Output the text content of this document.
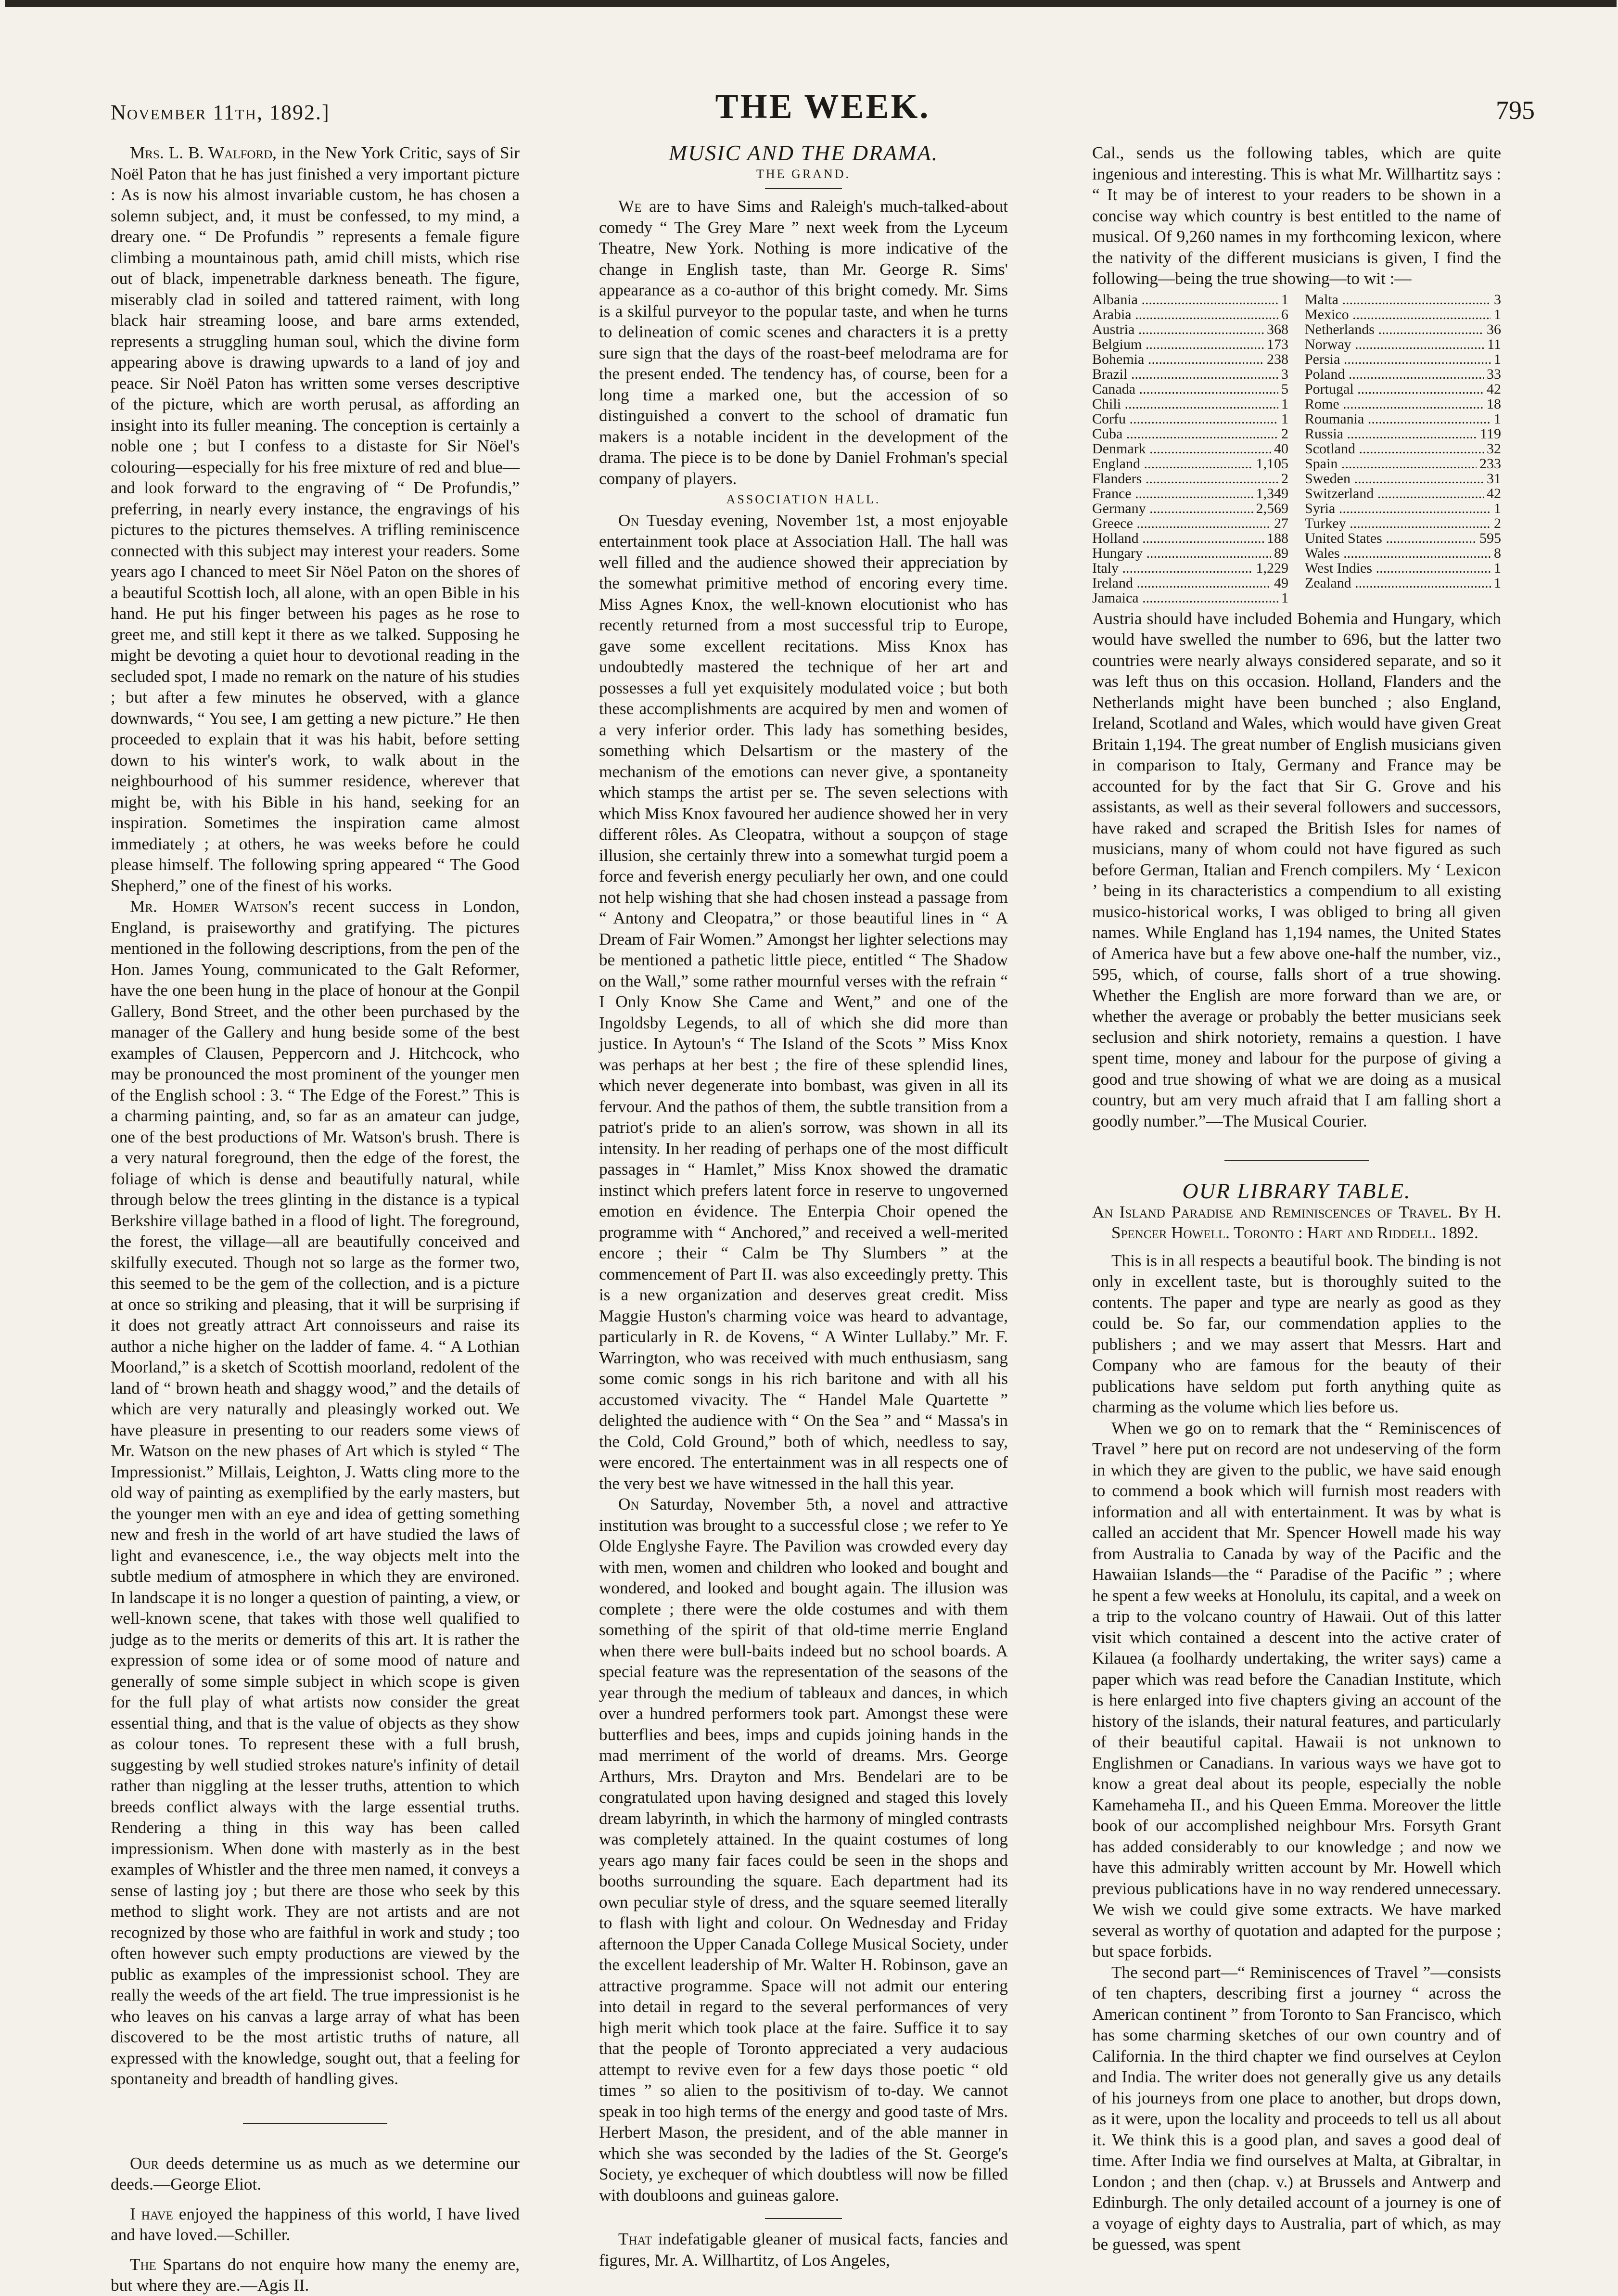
November 11th, 1892.]	THE WEEK.	795

Mrs. L. B. Walford, in the New York Critic, says of Sir Noël Paton that he has just finished a very important picture : As is now his almost invariable custom, he has chosen a solemn subject, and, it must be confessed, to my mind, a dreary one. “ De Profundis ” represents a female figure climbing a mountainous path, amid chill mists, which rise out of black, impenetrable darkness beneath. The figure, miserably clad in soiled and tattered raiment, with long black hair streaming loose, and bare arms extended, represents a struggling human soul, which the divine form appearing above is drawing upwards to a land of joy and peace. Sir Noël Paton has written some verses descriptive of the picture, which are worth perusal, as affording an insight into its fuller meaning. The conception is certainly a noble one ; but I confess to a distaste for Sir Nöel's colouring—especially for his free mixture of red and blue—and look forward to the engraving of “ De Profundis,” preferring, in nearly every instance, the engravings of his pictures to the pictures themselves. A trifling reminiscence connected with this subject may interest your readers. Some years ago I chanced to meet Sir Nöel Paton on the shores of a beautiful Scottish loch, all alone, with an open Bible in his hand. He put his finger between his pages as he rose to greet me, and still kept it there as we talked. Supposing he might be devoting a quiet hour to devotional reading in the secluded spot, I made no remark on the nature of his studies ; but after a few minutes he observed, with a glance downwards, “ You see, I am getting a new picture.” He then proceeded to explain that it was his habit, before setting down to his winter's work, to walk about in the neighbourhood of his summer residence, wherever that might be, with his Bible in his hand, seeking for an inspiration. Sometimes the inspiration came almost immediately ; at others, he was weeks before he could please himself. The following spring appeared “ The Good Shepherd,” one of the finest of his works.

Mr. Homer Watson's recent success in London, England, is praiseworthy and gratifying. The pictures mentioned in the following descriptions, from the pen of the Hon. James Young, communicated to the Galt Reformer, have the one been hung in the place of honour at the Gonpil Gallery, Bond Street, and the other been purchased by the manager of the Gallery and hung beside some of the best examples of Clausen, Peppercorn and J. Hitchcock, who may be pronounced the most prominent of the younger men of the English school : 3. “ The Edge of the Forest.” This is a charming painting, and, so far as an amateur can judge, one of the best productions of Mr. Watson's brush. There is a very natural foreground, then the edge of the forest, the foliage of which is dense and beautifully natural, while through below the trees glinting in the distance is a typical Berkshire village bathed in a flood of light. The foreground, the forest, the village—all are beautifully conceived and skilfully executed. Though not so large as the former two, this seemed to be the gem of the collection, and is a picture at once so striking and pleasing, that it will be surprising if it does not greatly attract Art connoisseurs and raise its author a niche higher on the ladder of fame. 4. “ A Lothian Moorland,” is a sketch of Scottish moorland, redolent of the land of “ brown heath and shaggy wood,” and the details of which are very naturally and pleasingly worked out. We have pleasure in presenting to our readers some views of Mr. Watson on the new phases of Art which is styled “ The Impressionist.” Millais, Leighton, J. Watts cling more to the old way of painting as exemplified by the early masters, but the younger men with an eye and idea of getting something new and fresh in the world of art have studied the laws of light and evanescence, i.e., the way objects melt into the subtle medium of atmosphere in which they are environed. In landscape it is no longer a question of painting, a view, or well-known scene, that takes with those well qualified to judge as to the merits or demerits of this art. It is rather the expression of some idea or of some mood of nature and generally of some simple subject in which scope is given for the full play of what artists now consider the great essential thing, and that is the value of objects as they show as colour tones. To represent these with a full brush, suggesting by well studied strokes nature's infinity of detail rather than niggling at the lesser truths, attention to which breeds conflict always with the large essential truths. Rendering a thing in this way has been called impressionism. When done with masterly as in the best examples of Whistler and the three men named, it conveys a sense of lasting joy ; but there are those who seek by this method to slight work. They are not artists and are not recognized by those who are faithful in work and study ; too often however such empty productions are viewed by the public as examples of the impressionist school. They are really the weeds of the art field. The true impressionist is he who leaves on his canvas a large array of what has been discovered to be the most artistic truths of nature, all expressed with the knowledge, sought out, that a feeling for spontaneity and breadth of handling gives.

Our deeds determine us as much as we determine our deeds.—George Eliot.

I have enjoyed the happiness of this world, I have lived and have loved.—Schiller.

The Spartans do not enquire how many the enemy are, but where they are.—Agis II.

MUSIC AND THE DRAMA.

THE GRAND.

We are to have Sims and Raleigh's much-talked-about comedy “ The Grey Mare ” next week from the Lyceum Theatre, New York. Nothing is more indicative of the change in English taste, than Mr. George R. Sims' appearance as a co-author of this bright comedy. Mr. Sims is a skilful purveyor to the popular taste, and when he turns to delineation of comic scenes and characters it is a pretty sure sign that the days of the roast-beef melodrama are for the present ended. The tendency has, of course, been for a long time a marked one, but the accession of so distinguished a convert to the school of dramatic fun makers is a notable incident in the development of the drama. The piece is to be done by Daniel Frohman's special company of players.

ASSOCIATION HALL.

On Tuesday evening, November 1st, a most enjoyable entertainment took place at Association Hall. The hall was well filled and the audience showed their appreciation by the somewhat primitive method of encoring every time. Miss Agnes Knox, the well-known elocutionist who has recently returned from a most successful trip to Europe, gave some excellent recitations. Miss Knox has undoubtedly mastered the technique of her art and possesses a full yet exquisitely modulated voice ; but both these accomplishments are acquired by men and women of a very inferior order. This lady has something besides, something which Delsartism or the mastery of the mechanism of the emotions can never give, a spontaneity which stamps the artist per se. The seven selections with which Miss Knox favoured her audience showed her in very different rôles. As Cleopatra, without a soupçon of stage illusion, she certainly threw into a somewhat turgid poem a force and feverish energy peculiarly her own, and one could not help wishing that she had chosen instead a passage from “ Antony and Cleopatra,” or those beautiful lines in “ A Dream of Fair Women.” Amongst her lighter selections may be mentioned a pathetic little piece, entitled “ The Shadow on the Wall,” some rather mournful verses with the refrain “ I Only Know She Came and Went,” and one of the Ingoldsby Legends, to all of which she did more than justice. In Aytoun's “ The Island of the Scots ” Miss Knox was perhaps at her best ; the fire of these splendid lines, which never degenerate into bombast, was given in all its fervour. And the pathos of them, the subtle transition from a patriot's pride to an alien's sorrow, was shown in all its intensity. In her reading of perhaps one of the most difficult passages in “ Hamlet,” Miss Knox showed the dramatic instinct which prefers latent force in reserve to ungoverned emotion en évidence. The Enterpia Choir opened the programme with “ Anchored,” and received a well-merited encore ; their “ Calm be Thy Slumbers ” at the commencement of Part II. was also exceedingly pretty. This is a new organization and deserves great credit. Miss Maggie Huston's charming voice was heard to advantage, particularly in R. de Kovens, “ A Winter Lullaby.” Mr. F. Warrington, who was received with much enthusiasm, sang some comic songs in his rich baritone and with all his accustomed vivacity. The “ Handel Male Quartette ” delighted the audience with “ On the Sea ” and “ Massa's in the Cold, Cold Ground,” both of which, needless to say, were encored. The entertainment was in all respects one of the very best we have witnessed in the hall this year.

On Saturday, November 5th, a novel and attractive institution was brought to a successful close ; we refer to Ye Olde Englyshe Fayre. The Pavilion was crowded every day with men, women and children who looked and bought and wondered, and looked and bought again. The illusion was complete ; there were the olde costumes and with them something of the spirit of that old-time merrie England when there were bull-baits indeed but no school boards. A special feature was the representation of the seasons of the year through the medium of tableaux and dances, in which over a hundred performers took part. Amongst these were butterflies and bees, imps and cupids joining hands in the mad merriment of the world of dreams. Mrs. George Arthurs, Mrs. Drayton and Mrs. Bendelari are to be congratulated upon having designed and staged this lovely dream labyrinth, in which the harmony of mingled contrasts was completely attained. In the quaint costumes of long years ago many fair faces could be seen in the shops and booths surrounding the square. Each department had its own peculiar style of dress, and the square seemed literally to flash with light and colour. On Wednesday and Friday afternoon the Upper Canada College Musical Society, under the excellent leadership of Mr. Walter H. Robinson, gave an attractive programme. Space will not admit our entering into detail in regard to the several performances of very high merit which took place at the faire. Suffice it to say that the people of Toronto appreciated a very audacious attempt to revive even for a few days those poetic “ old times ” so alien to the positivism of to-day. We cannot speak in too high terms of the energy and good taste of Mrs. Herbert Mason, the president, and of the able manner in which she was seconded by the ladies of the St. George's Society, ye exchequer of which doubtless will now be filled with doubloons and guineas galore.

That indefatigable gleaner of musical facts, fancies and figures, Mr. A. Willhartitz, of Los Angeles,

Cal., sends us the following tables, which are quite ingenious and interesting. This is what Mr. Willhartitz says : “ It may be of interest to your readers to be shown in a concise way which country is best entitled to the name of musical. Of 9,260 names in my forthcoming lexicon, where the nativity of the different musicians is given, I find the following—being the true showing—to wit :—

Albania .....	1
Arabia .....	6
Austria .....	368
Belgium .....	173
Bohemia .....	238
Brazil .....	3
Canada .....	5
Chili .....	1
Corfu .....	1
Cuba .....	2
Denmark .....	40
England .....	1,105
Flanders .....	2
France .....	1,349
Germany .....	2,569
Greece .....	27
Holland .....	188
Hungary .....	89
Italy .....	1,229
Ireland .....	49
Jamaica .....	1
Malta .....	3
Mexico .....	1
Netherlands .....	36
Norway .....	11
Persia .....	1
Poland .....	33
Portugal .....	42
Rome .....	18
Roumania .....	1
Russia .....	119
Scotland .....	32
Spain .....	233
Sweden .....	31
Switzerland .....	42
Syria .....	1
Turkey .....	2
United States .....	595
Wales .....	8
West Indies .....	1
Zealand .....	1

Austria should have included Bohemia and Hungary, which would have swelled the number to 696, but the latter two countries were nearly always considered separate, and so it was left thus on this occasion. Holland, Flanders and the Netherlands might have been bunched ; also England, Ireland, Scotland and Wales, which would have given Great Britain 1,194. The great number of English musicians given in comparison to Italy, Germany and France may be accounted for by the fact that Sir G. Grove and his assistants, as well as their several followers and successors, have raked and scraped the British Isles for names of musicians, many of whom could not have figured as such before German, Italian and French compilers. My ‘ Lexicon ’ being in its characteristics a compendium to all existing musico-historical works, I was obliged to bring all given names. While England has 1,194 names, the United States of America have but a few above one-half the number, viz., 595, which, of course, falls short of a true showing. Whether the English are more forward than we are, or whether the average or probably the better musicians seek seclusion and shirk notoriety, remains a question. I have spent time, money and labour for the purpose of giving a good and true showing of what we are doing as a musical country, but am very much afraid that I am falling short a goodly number.”—The Musical Courier.

OUR LIBRARY TABLE.

An Island Paradise and Reminiscences of Travel. By H. Spencer Howell. Toronto : Hart and Riddell. 1892.

This is in all respects a beautiful book. The binding is not only in excellent taste, but is thoroughly suited to the contents. The paper and type are nearly as good as they could be. So far, our commendation applies to the publishers ; and we may assert that Messrs. Hart and Company who are famous for the beauty of their publications have seldom put forth anything quite as charming as the volume which lies before us.

When we go on to remark that the “ Reminiscences of Travel ” here put on record are not undeserving of the form in which they are given to the public, we have said enough to commend a book which will furnish most readers with information and all with entertainment. It was by what is called an accident that Mr. Spencer Howell made his way from Australia to Canada by way of the Pacific and the Hawaiian Islands—the “ Paradise of the Pacific ” ; where he spent a few weeks at Honolulu, its capital, and a week on a trip to the volcano country of Hawaii. Out of this latter visit which contained a descent into the active crater of Kilauea (a foolhardy undertaking, the writer says) came a paper which was read before the Canadian Institute, which is here enlarged into five chapters giving an account of the history of the islands, their natural features, and particularly of their beautiful capital. Hawaii is not unknown to Englishmen or Canadians. In various ways we have got to know a great deal about its people, especially the noble Kamehameha II., and his Queen Emma. Moreover the little book of our accomplished neighbour Mrs. Forsyth Grant has added considerably to our knowledge ; and now we have this admirably written account by Mr. Howell which previous publications have in no way rendered unnecessary. We wish we could give some extracts. We have marked several as worthy of quotation and adapted for the purpose ; but space forbids.

The second part—“ Reminiscences of Travel ”—consists of ten chapters, describing first a journey “ across the American continent ” from Toronto to San Francisco, which has some charming sketches of our own country and of California. In the third chapter we find ourselves at Ceylon and India. The writer does not generally give us any details of his journeys from one place to another, but drops down, as it were, upon the locality and proceeds to tell us all about it. We think this is a good plan, and saves a good deal of time. After India we find ourselves at Malta, at Gibraltar, in London ; and then (chap. v.) at Brussels and Antwerp and Edinburgh. The only detailed account of a journey is one of a voyage of eighty days to Australia, part of which, as may be guessed, was spent
